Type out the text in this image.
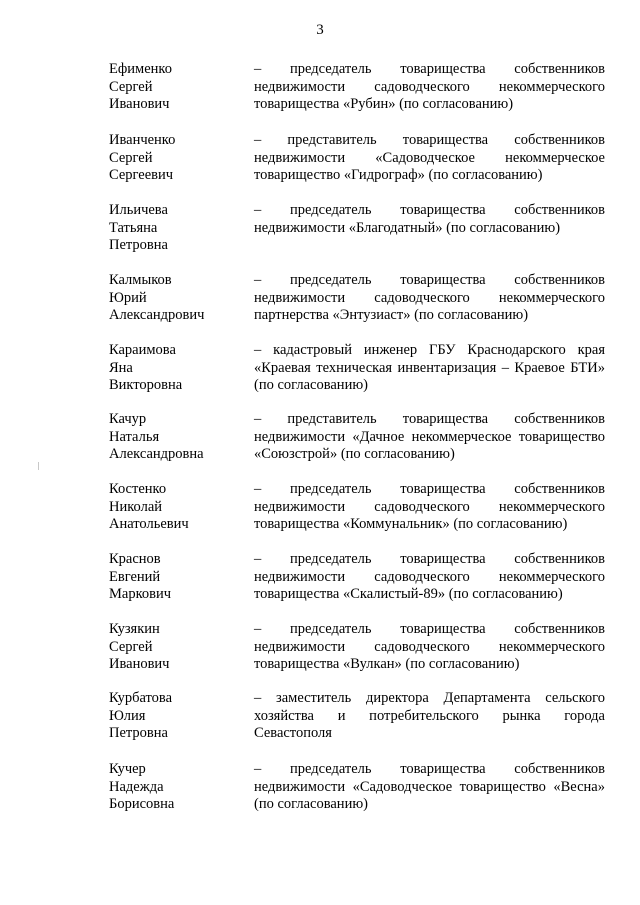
3
Ефименко
Сергей
Иванович
– председатель товарищества собственников недвижимости садоводческого некоммерческого товарищества «Рубин» (по согласованию)
Иванченко
Сергей
Сергеевич
– представитель товарищества собственников недвижимости «Садоводческое некоммерческое товарищество «Гидрограф» (по согласованию)
Ильичева
Татьяна
Петровна
– председатель товарищества собственников недвижимости «Благодатный» (по согласованию)
Калмыков
Юрий
Александрович
– председатель товарищества собственников недвижимости садоводческого некоммерческого партнерства «Энтузиаст» (по согласованию)
Караимова
Яна
Викторовна
– кадастровый инженер ГБУ Краснодарского края «Краевая техническая инвентаризация – Краевое БТИ» (по согласованию)
Качур
Наталья
Александровна
– представитель товарищества собственников недвижимости «Дачное некоммерческое товарищество «Союзстрой» (по согласованию)
Костенко
Николай
Анатольевич
– председатель товарищества собственников недвижимости садоводческого некоммерческого товарищества «Коммунальник» (по согласованию)
Краснов
Евгений
Маркович
– председатель товарищества собственников недвижимости садоводческого некоммерческого товарищества «Скалистый-89» (по согласованию)
Кузякин
Сергей
Иванович
– председатель товарищества собственников недвижимости садоводческого некоммерческого товарищества «Вулкан» (по согласованию)
Курбатова
Юлия
Петровна
– заместитель директора Департамента сельского хозяйства и потребительского рынка города Севастополя
Кучер
Надежда
Борисовна
– председатель товарищества собственников недвижимости «Садоводческое товарищество «Весна» (по согласованию)
